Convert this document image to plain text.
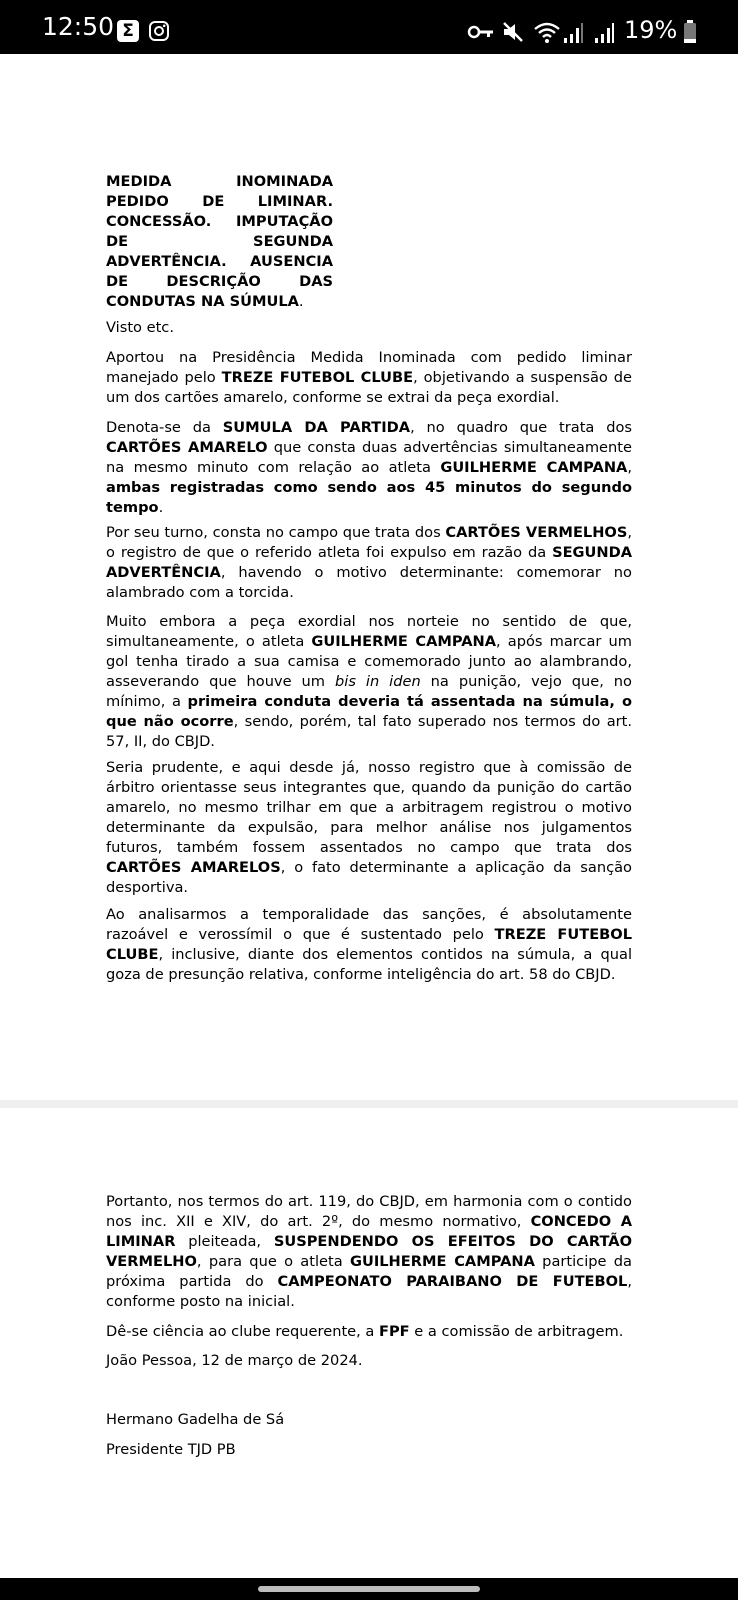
12:50 Σ	19%
MEDIDA INOMINADA PEDIDO DE LIMINAR. CONCESSÃO. IMPUTAÇÃO DE SEGUNDA ADVERTÊNCIA. AUSENCIA DE DESCRIÇÃO DAS CONDUTAS NA SÚMULA.

Visto etc.

Aportou na Presidência Medida Inominada com pedido liminar manejado pelo TREZE FUTEBOL CLUBE, objetivando a suspensão de um dos cartões amarelo, conforme se extrai da peça exordial.

Denota-se da SUMULA DA PARTIDA, no quadro que trata dos CARTÕES AMARELO que consta duas advertências simultaneamente na mesmo minuto com relação ao atleta GUILHERME CAMPANA, ambas registradas como sendo aos 45 minutos do segundo tempo.

Por seu turno, consta no campo que trata dos CARTÕES VERMELHOS, o registro de que o referido atleta foi expulso em razão da SEGUNDA ADVERTÊNCIA, havendo o motivo determinante: comemorar no alambrado com a torcida.

Muito embora a peça exordial nos norteie no sentido de que, simultaneamente, o atleta GUILHERME CAMPANA, após marcar um gol tenha tirado a sua camisa e comemorado junto ao alambrando, asseverando que houve um bis in iden na punição, vejo que, no mínimo, a primeira conduta deveria tá assentada na súmula, o que não ocorre, sendo, porém, tal fato superado nos termos do art. 57, II, do CBJD.

Seria prudente, e aqui desde já, nosso registro que à comissão de árbitro orientasse seus integrantes que, quando da punição do cartão amarelo, no mesmo trilhar em que a arbitragem registrou o motivo determinante da expulsão, para melhor análise nos julgamentos futuros, também fossem assentados no campo que trata dos CARTÕES AMARELOS, o fato determinante a aplicação da sanção desportiva.

Ao analisarmos a temporalidade das sanções, é absolutamente razoável e verossímil o que é sustentado pelo TREZE FUTEBOL CLUBE, inclusive, diante dos elementos contidos na súmula, a qual goza de presunção relativa, conforme inteligência do art. 58 do CBJD.

Portanto, nos termos do art. 119, do CBJD, em harmonia com o contido nos inc. XII e XIV, do art. 2º, do mesmo normativo, CONCEDO A LIMINAR pleiteada, SUSPENDENDO OS EFEITOS DO CARTÃO VERMELHO, para que o atleta GUILHERME CAMPANA participe da próxima partida do CAMPEONATO PARAIBANO DE FUTEBOL, conforme posto na inicial.

Dê-se ciência ao clube requerente, a FPF e a comissão de arbitragem.

João Pessoa, 12 de março de 2024.

Hermano Gadelha de Sá

Presidente TJD PB
